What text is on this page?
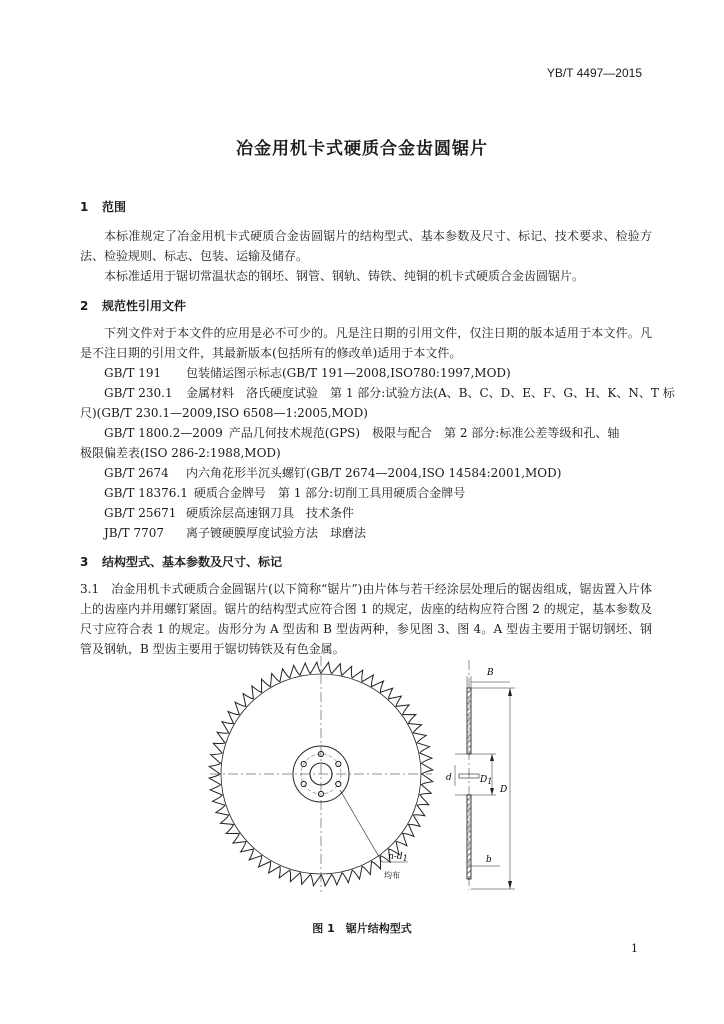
YB/T 4497—2015
冶金用机卡式硬质合金齿圆锯片
1 范围
本标准规定了冶金用机卡式硬质合金齿圆锯片的结构型式、基本参数及尺寸、标记、技术要求、检验方法、检验规则、标志、包装、运输及储存。
本标准适用于锯切常温状态的钢坯、钢管、钢轨、铸铁、纯铜的机卡式硬质合金齿圆锯片。
2 规范性引用文件
下列文件对于本文件的应用是必不可少的。凡是注日期的引用文件，仅注日期的版本适用于本文件。凡是不注日期的引用文件，其最新版本(包括所有的修改单)适用于本文件。
GB/T 191 包装储运图示标志(GB/T 191—2008,ISO780:1997,MOD)
GB/T 230.1 金属材料　洛氏硬度试验　第 1 部分:试验方法(A、B、C、D、E、F、G、H、K、N、T 标
尺)(GB/T 230.1—2009,ISO 6508—1:2005,MOD)
GB/T 1800.2—2009 产品几何技术规范(GPS)　极限与配合　第 2 部分:标准公差等级和孔、轴
极限偏差表(ISO 286-2:1988,MOD)
GB/T 2674 内六角花形半沉头螺钉(GB/T 2674—2004,ISO 14584:2001,MOD)
GB/T 18376.1 硬质合金牌号　第 1 部分:切削工具用硬质合金牌号
GB/T 25671 硬质涂层高速钢刀具　技术条件
JB/T 7707 离子镀硬膜厚度试验方法　球磨法
3 结构型式、基本参数及尺寸、标记
3.1　 冶金用机卡式硬质合金圆锯片(以下简称“锯片”)由片体与若干经涂层处理后的锯齿组成，锯齿置入片体上的齿座内并用螺钉紧固。锯片的结构型式应符合图 1 的规定，齿座的结构应符合图 2 的规定，基本参数及尺寸应符合表 1 的规定。齿形分为 A 型齿和 B 型齿两种，参见图 3、图 4。A 型齿主要用于锯切钢坯、钢管及钢轨，B 型齿主要用于锯切铸铁及有色金属。
n-d1
均布
B
d	D1
D
b
图 1　锯片结构型式
1
